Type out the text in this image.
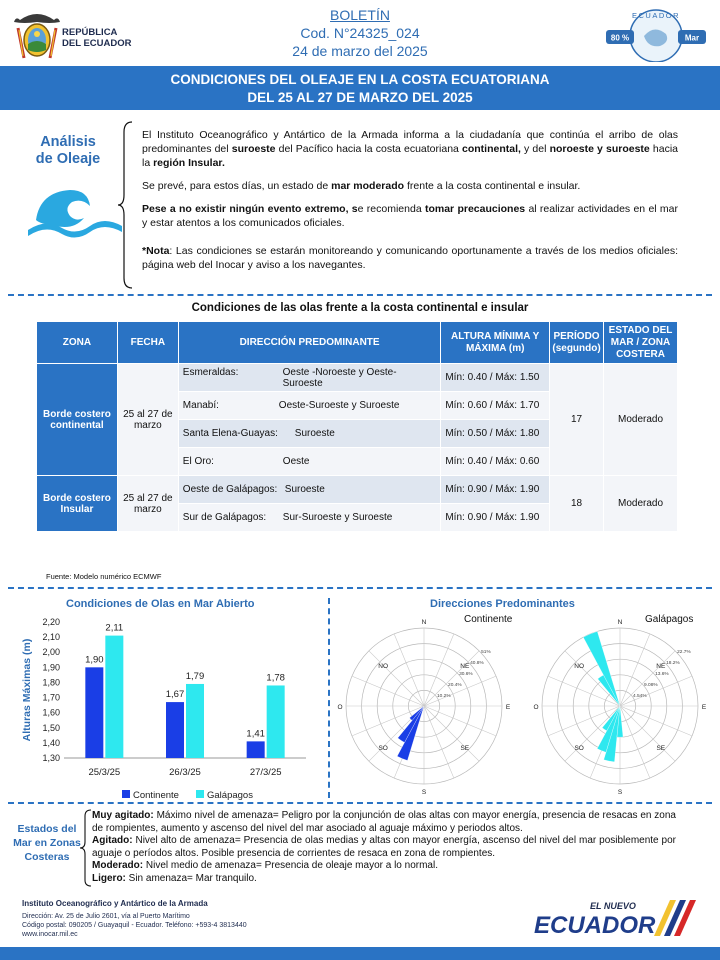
REPÚBLICA
DEL ECUADOR
BOLETÍN
Cod. N°24325_024
24 de marzo del 2025
80 %	Mar
ECUADOR
CONDICIONES DEL OLEAJE EN LA COSTA ECUATORIANA
DEL 25 AL 27 DE MARZO DEL 2025
Análisis
de Oleaje

El Instituto Oceanográfico y Antártico de la Armada informa a la ciudadanía que continúa el arribo de olas predominantes del suroeste del Pacífico hacia la costa ecuatoriana continental, y del noroeste y suroeste hacia la región Insular.

Se prevé, para estos días, un estado de mar moderado frente a la costa continental e insular.

Pese a no existir ningún evento extremo, se recomienda tomar precauciones al realizar actividades en el mar y estar atentos a los comunicados oficiales.

*Nota: Las condiciones se estarán monitoreando y comunicando oportunamente a través de los medios oficiales: página web del Inocar y aviso a los navegantes.

Condiciones de las olas frente a la costa continental e insular
ZONA	FECHA	DIRECCIÓN PREDOMINANTE	ALTURA MÍNIMA Y MÁXIMA (m)	PERÍODO (segundo)	ESTADO DEL MAR / ZONA COSTERA
Borde costero continental	25 al 27 de marzo	Esmeraldas: Oeste -Noroeste y Oeste-Suroeste	Mín: 0.40 / Máx: 1.50	17	Moderado

		Manabí: Oeste-Suroeste y Suroeste	Mín: 0.60 / Máx: 1.70		

		Santa Elena-Guayas: Suroeste	Mín: 0.50 / Máx: 1.80		

		El Oro: Oeste	Mín: 0.40 / Máx: 0.60		
Borde costero Insular	25 al 27 de marzo	Oeste de Galápagos: Suroeste	Mín: 0.90 / Máx: 1.90	18	Moderado

		Sur de Galápagos: Sur-Suroeste y Suroeste	Mín: 0.90 / Máx: 1.90		
Fuente: Modelo numérico ECMWF
Condiciones de Olas en Mar Abierto
Alturas Máximas (m)
2,20
2,10
2,00
1,90
1,80
1,70
1,60
1,50
1,40
1,30
1,90
2,11
25/3/25
1,67
1,79
26/3/25
1,41
1,78
27/3/25
Continente	Galápagos
Direcciones Predominantes
10.2%
20.4%
30.6%
40.8%
51%
N
NE
E
SE
S
SO
O
NO
Continente
4.54%
9.08%
13.6%
18.2%
22.7%
N
NE
E
SE
S
SO
O
NO
Galápagos
Estados del
Mar en Zonas
Costeras
Muy agitado: Máximo nivel de amenaza= Peligro por la conjunción de olas altas con mayor energía, presencia de resacas en zona de rompientes, aumento y ascenso del nivel del mar asociado al aguaje máximo y periodos altos.
Agitado: Nivel alto de amenaza= Presencia de olas medias y altas con mayor energía, ascenso del nivel del mar posiblemente por aguaje o períodos altos. Posible presencia de corrientes de resaca en zona de rompientes.
Moderado: Nivel medio de amenaza= Presencia de oleaje mayor a lo normal.
Ligero: Sin amenaza= Mar tranquilo.
Instituto Oceanográfico y Antártico de la Armada
Dirección: Av. 25 de Julio 2601, vía al Puerto Marítimo
Código postal: 090205 / Guayaquil - Ecuador. Teléfono: +593-4 3813440
www.inocar.mil.ec
EL NUEVO
ECUADOR
